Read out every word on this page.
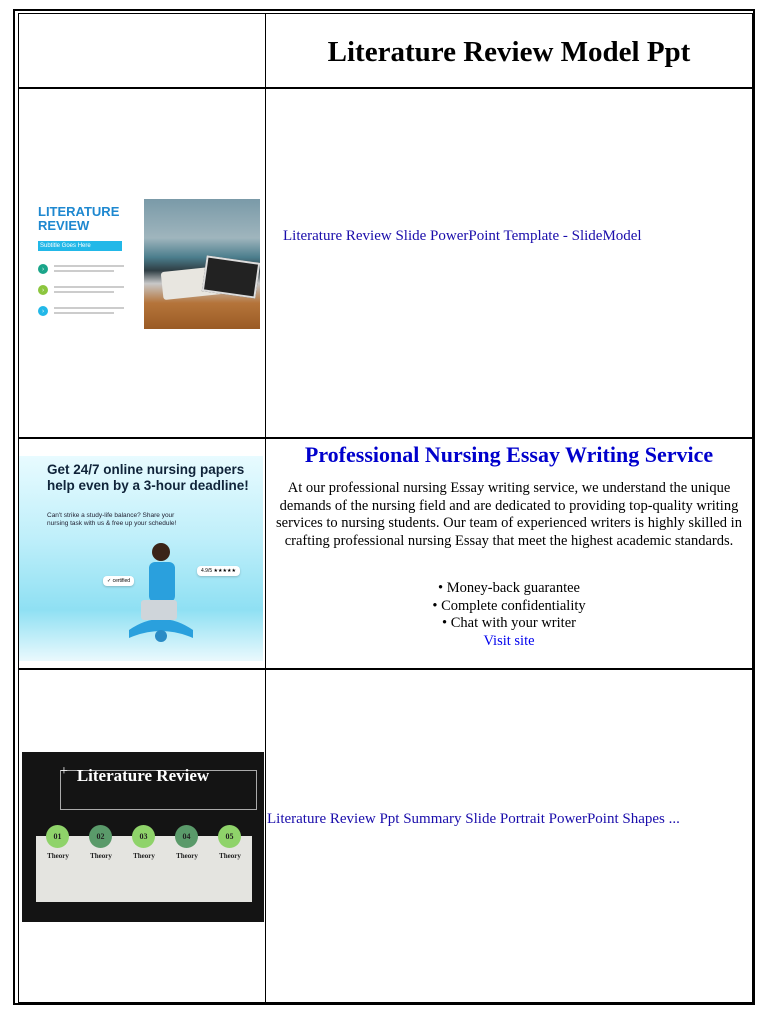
Literature Review Model Ppt
LITERATURE
REVIEW
Subtitle Goes Here
›
›
›
Literature Review Slide PowerPoint Template - SlideModel
Get 24/7 online nursing papers help even by a 3-hour deadline!
Can't strike a study-life balance? Share your nursing task with us & free up your schedule!
✓ certified
4.9/5 ★★★★★
Professional Nursing Essay Writing Service
At our professional nursing Essay writing service, we understand the unique demands of the nursing field and are dedicated to providing top-quality writing services to nursing students. Our team of experienced writers is highly skilled in crafting professional nursing Essay that meet the highest academic standards.
• Money-back guarantee
• Complete confidentiality
• Chat with your writer
Visit site
+ Literature Review
01	02	03	04	05
Theory	Theory	Theory	Theory	Theory
Literature Review Ppt Summary Slide Portrait PowerPoint Shapes ...
